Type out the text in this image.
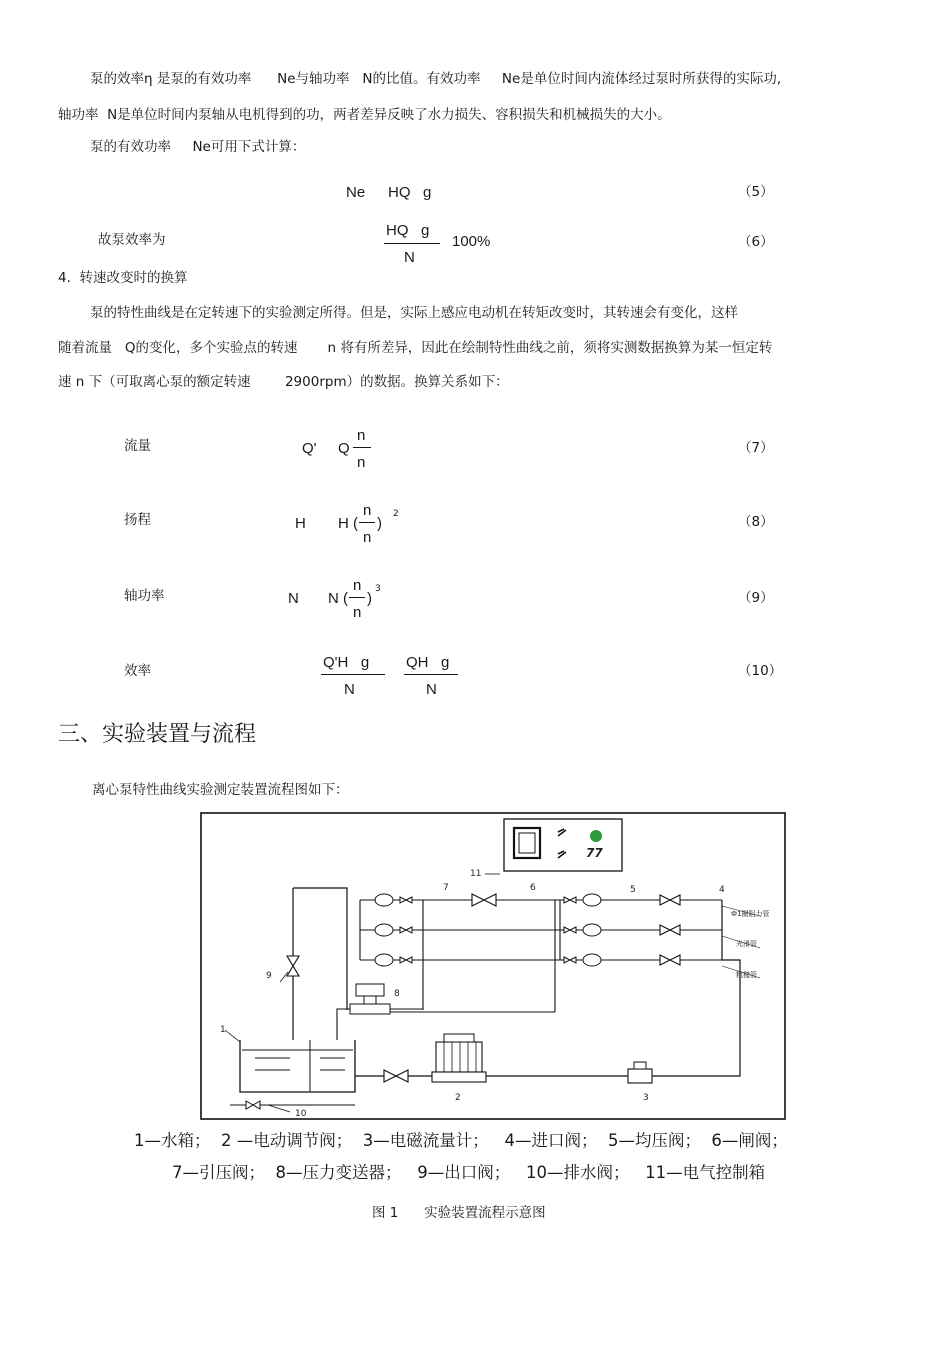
泵的效率η 是泵的有效功率      Ne与轴功率   N的比值。有效功率     Ne是单位时间内流体经过泵时所获得的实际功,
轴功率  N是单位时间内泵轴从电机得到的功，两者差异反映了水力损失、容积损失和机械损失的大小。
泵的有效功率     Ne可用下式计算：
Ne HQ   g	（5）
故泵效率为
HQ   g
N
100%	（6）
4.  转速改变时的换算
泵的特性曲线是在定转速下的实验测定所得。但是，实际上感应电动机在转矩改变时，其转速会有变化，这样
随着流量   Q的变化，多个实验点的转速       n 将有所差异，因此在绘制特性曲线之前，须将实测数据换算为某一恒定转
速 n 下（可取离心泵的额定转速        2900rpm）的数据。换算关系如下：
流量	Q' Q
n
n
（7）
扬程	H H (
n
n
)
2	（8）
轴功率	N N (
n
n
)
3
（9）
效率	Q'H   g
N
QH   g
N
（10）
三、实验装置与流程
离心泵特性曲线实验测定装置流程图如下：
77
Ф1圈阻力管
光滑管
粗糙管
1
2	3
4
5
6
7
8
9
10
11
1—水箱；  2 —电动调节阀；  3—电磁流量计；   4—进口阀；  5—均压阀；  6—闸阀；
7—引压阀；  8—压力变送器；   9—出口阀；   10—排水阀；   11—电气控制箱
图 1      实验装置流程示意图
